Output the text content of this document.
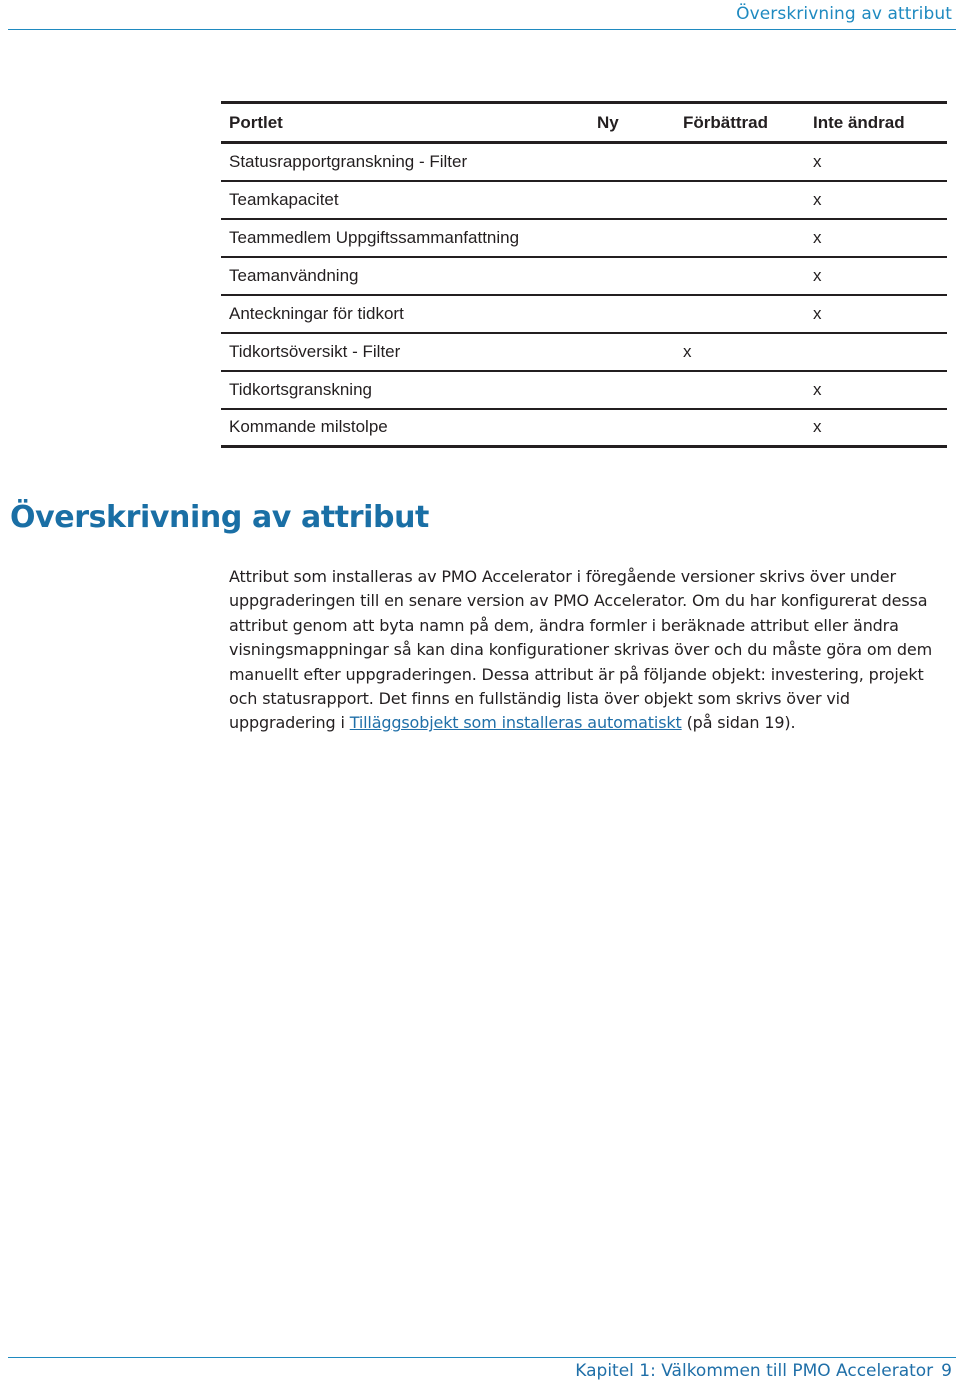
Överskrivning av attribut
Portlet	Ny	Förbättrad	Inte ändrad
Statusrapportgranskning - Filter			x
Teamkapacitet			x
Teammedlem Uppgiftssammanfattning			x
Teamanvändning			x
Anteckningar för tidkort			x
Tidkortsöversikt - Filter		x	
Tidkortsgranskning			x
Kommande milstolpe			x
Överskrivning av attribut

Attribut som installeras av PMO Accelerator i föregående versioner skrivs över under uppgraderingen till en senare version av PMO Accelerator. Om du har konfigurerat dessa attribut genom att byta namn på dem, ändra formler i beräknade attribut eller ändra visningsmappningar så kan dina konfigurationer skrivas över och du måste göra om dem manuellt efter uppgraderingen. Dessa attribut är på följande objekt: investering, projekt och statusrapport. Det finns en fullständig lista över objekt som skrivs över vid uppgradering i Tilläggsobjekt som installeras automatiskt (på sidan 19).

Kapitel 1: Välkommen till PMO Accelerator 9
